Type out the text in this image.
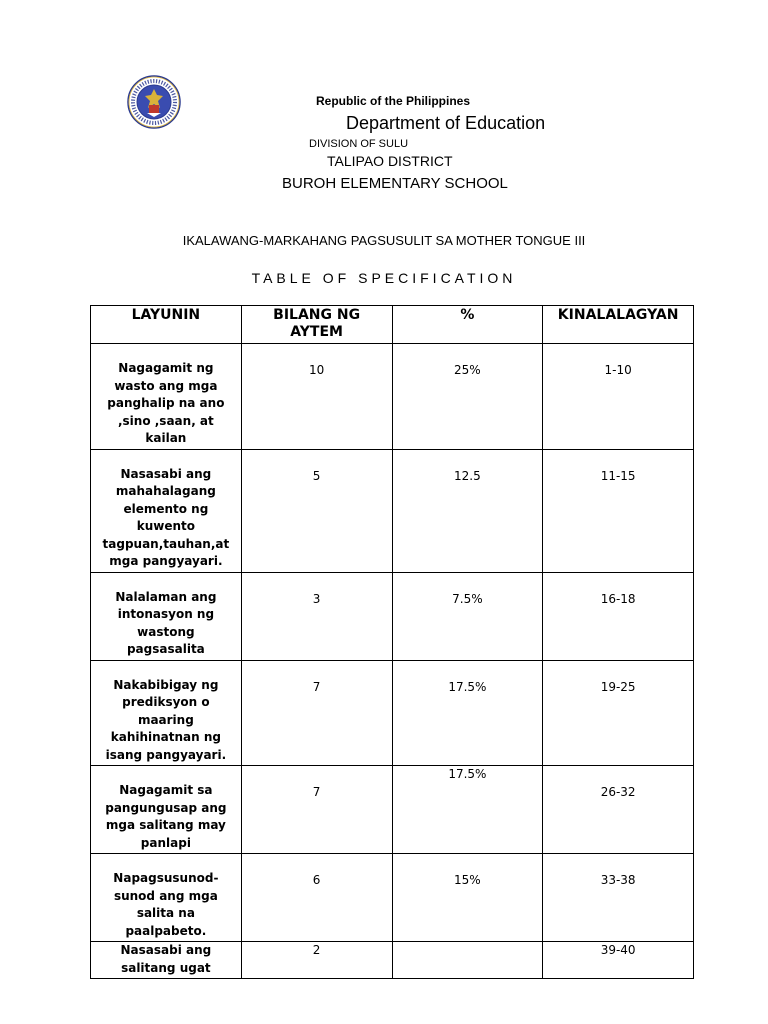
Republic of the Philippines
Department of Education
DIVISION OF SULU
TALIPAO DISTRICT
BUROH ELEMENTARY SCHOOL
IKALAWANG-MARKAHANG PAGSUSULIT SA MOTHER TONGUE III
TABLE OF SPECIFICATION
LAYUNIN	BILANG NG AYTEM	%	KINALALAGYAN
Nagagamit ng wasto ang mga panghalip na ano ,sino ,saan, at kailan	10	25%	1-10
Nasasabi ang mahahalagang elemento ng kuwento tagpuan,tauhan,at mga pangyayari.	5	12.5	11-15
Nalalaman ang intonasyon ng wastong pagsasalita	3	7.5%	16-18
Nakabibigay ng prediksyon o maaring kahihinatnan ng isang pangyayari.	7	17.5%	19-25
Nagagamit sa pangungusap ang mga salitang may panlapi	7	17.5%	26-32
Napagsusunod-sunod ang mga salita na paalpabeto.	6	15%	33-38
Nasasabi ang salitang ugat	2		39-40
